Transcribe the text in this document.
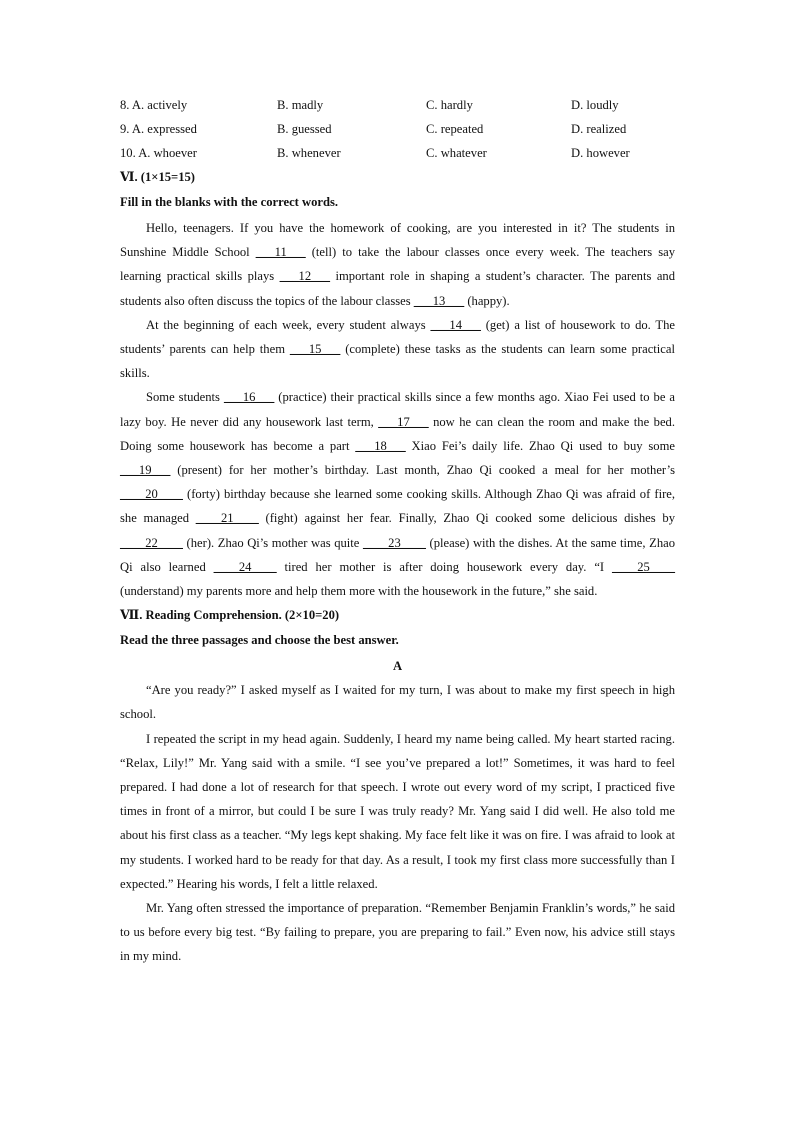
8. A. actively	B. madly	C. hardly	D. loudly
9. A. expressed	B. guessed	C. repeated	D. realized
10. A. whoever	B. whenever	C. whatever	D. however
Ⅵ. (1×15=15)
Fill in the blanks with the correct words.

Hello, teenagers. If you have the homework of cooking, are you interested in it? The students in Sunshine Middle School ___11___ (tell) to take the labour classes once every week. The teachers say learning practical skills plays ___12___ important role in shaping a student’s character. The parents and students also often discuss the topics of the labour classes ___13___ (happy).

At the beginning of each week, every student always ___14___ (get) a list of housework to do. The students’ parents can help them ___15___ (complete) these tasks as the students can learn some practical skills.

Some students ___16___ (practice) their practical skills since a few months ago. Xiao Fei used to be a lazy boy. He never did any housework last term, ___17___ now he can clean the room and make the bed. Doing some housework has become a part ___18___ Xiao Fei’s daily life. Zhao Qi used to buy some ___19___ (present) for her mother’s birthday. Last month, Zhao Qi cooked a meal for her mother’s ____20____ (forty) birthday because she learned some cooking skills. Although Zhao Qi was afraid of fire, she managed ____21____ (fight) against her fear. Finally, Zhao Qi cooked some delicious dishes by ____22____ (her). Zhao Qi’s mother was quite ____23____ (please) with the dishes. At the same time, Zhao Qi also learned ____24____ tired her mother is after doing housework every day. “I ____25____ (understand) my parents more and help them more with the housework in the future,” she said.

Ⅶ. Reading Comprehension. (2×10=20)
Read the three passages and choose the best answer.
A

“Are you ready?” I asked myself as I waited for my turn, I was about to make my first speech in high school.

I repeated the script in my head again. Suddenly, I heard my name being called. My heart started racing. “Relax, Lily!” Mr. Yang said with a smile. “I see you’ve prepared a lot!” Sometimes, it was hard to feel prepared. I had done a lot of research for that speech. I wrote out every word of my script, I practiced five times in front of a mirror, but could I be sure I was truly ready? Mr. Yang said I did well. He also told me about his first class as a teacher. “My legs kept shaking. My face felt like it was on fire. I was afraid to look at my students. I worked hard to be ready for that day. As a result, I took my first class more successfully than I expected.” Hearing his words, I felt a little relaxed.

Mr. Yang often stressed the importance of preparation. “Remember Benjamin Franklin’s words,” he said to us before every big test. “By failing to prepare, you are preparing to fail.” Even now, his advice still stays in my mind.
